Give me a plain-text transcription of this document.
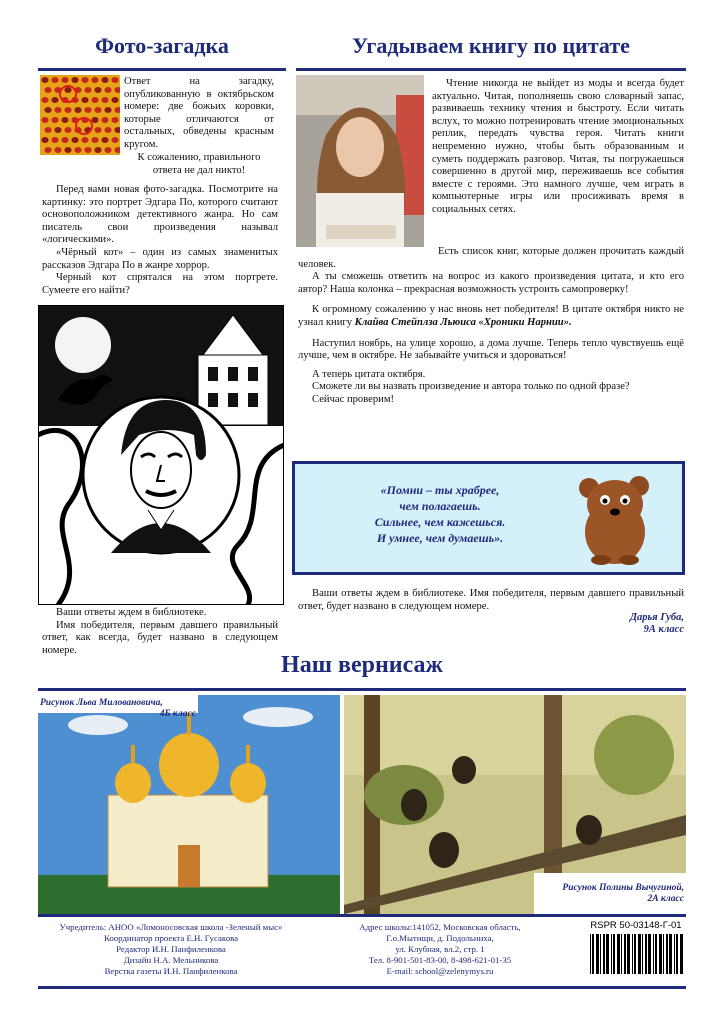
Фото-загадка
Ответ на загадку, опубликованную в октябрьском номере: две божьих коровки, которые отличаются от остальных, обведены красным кругом.
К сожалению, правильного ответа не дал никто!

Перед вами новая фото-загадка. Посмотрите на картинку: это портрет Эдгара По, которого считают основоположником детективного жанра. Но сам писатель свои произведения называл «логическими».

«Чёрный кот» – один из самых знаменитых рассказов Эдгара По в жанре хоррор.

Черный кот спрятался на этом портрете. Сумеете его найти?

Ваши ответы ждем в библиотеке.

Имя победителя, первым давшего правильный ответ, как всегда, будет названо в следующем номере.

Угадываем книгу по цитате

Чтение никогда не выйдет из моды и всегда будет актуально. Читая, пополняешь свою словарный запас, развиваешь технику чтения и быстроту. Если читать вслух, то можно потренировать чтение эмоциональных реплик, передать чувства героя. Читать книги непременно нужно, чтобы быть образованным и суметь поддержать разговор. Читая, ты погружаешься совершенно в другой мир, переживаешь все события вместе с героями. Это намного лучше, чем играть в компьютерные игры или просиживать время в социальных сетях.

Есть список книг, которые должен прочитать каждый человек.

А ты сможешь ответить на вопрос из какого произведения цитата, и кто его автор? Наша колонка – прекрасная возможность устроить самопроверку!

К огромному сожалению у нас вновь нет победителя! В цитате октября никто не узнал книгу Клайва Стейплза Льюиса «Хроники Нарнии».

Наступил ноябрь, на улице хорошо, а дома лучше. Теперь тепло чувствуешь ещё лучше, чем в октябре. Не забывайте учиться и здороваться!

А теперь цитата октября.

Сможете ли вы назвать произведение и автора только по одной фразе?

Сейчас проверим!

«Помни – ты храбрее,
чем полагаешь.
Сильнее, чем кажешься.
И умнее, чем думаешь».
Ваши ответы ждем в библиотеке. Имя победителя, первым давшего правильный ответ, будет названо в следующем номере.
Дарья Губа,
9А класс
Наш вернисаж
Рисунок Льва Миловановича,
4Б класс
Рисунок Полины Вычугиной,
2А класс
Учредитель: АНОО «Ломоносовская школа -Зеленый мыс»
Координатор проекта Е.Н. Гусакова
Редактор И.Н. Панфиленкова
Дизайн Н.А. Мельникова
Верстка газеты И.Н. Панфиленкова
Адрес школы:141052, Московская область,
Г.о.Мытищи, д. Подольниха,
ул. Клубная, вл.2, стр. 1
Тел. 8-901-501-83-00, 8-498-621-01-35
E-mail: school@zelenymys.ru
RSPR 50-03148-Г-01
